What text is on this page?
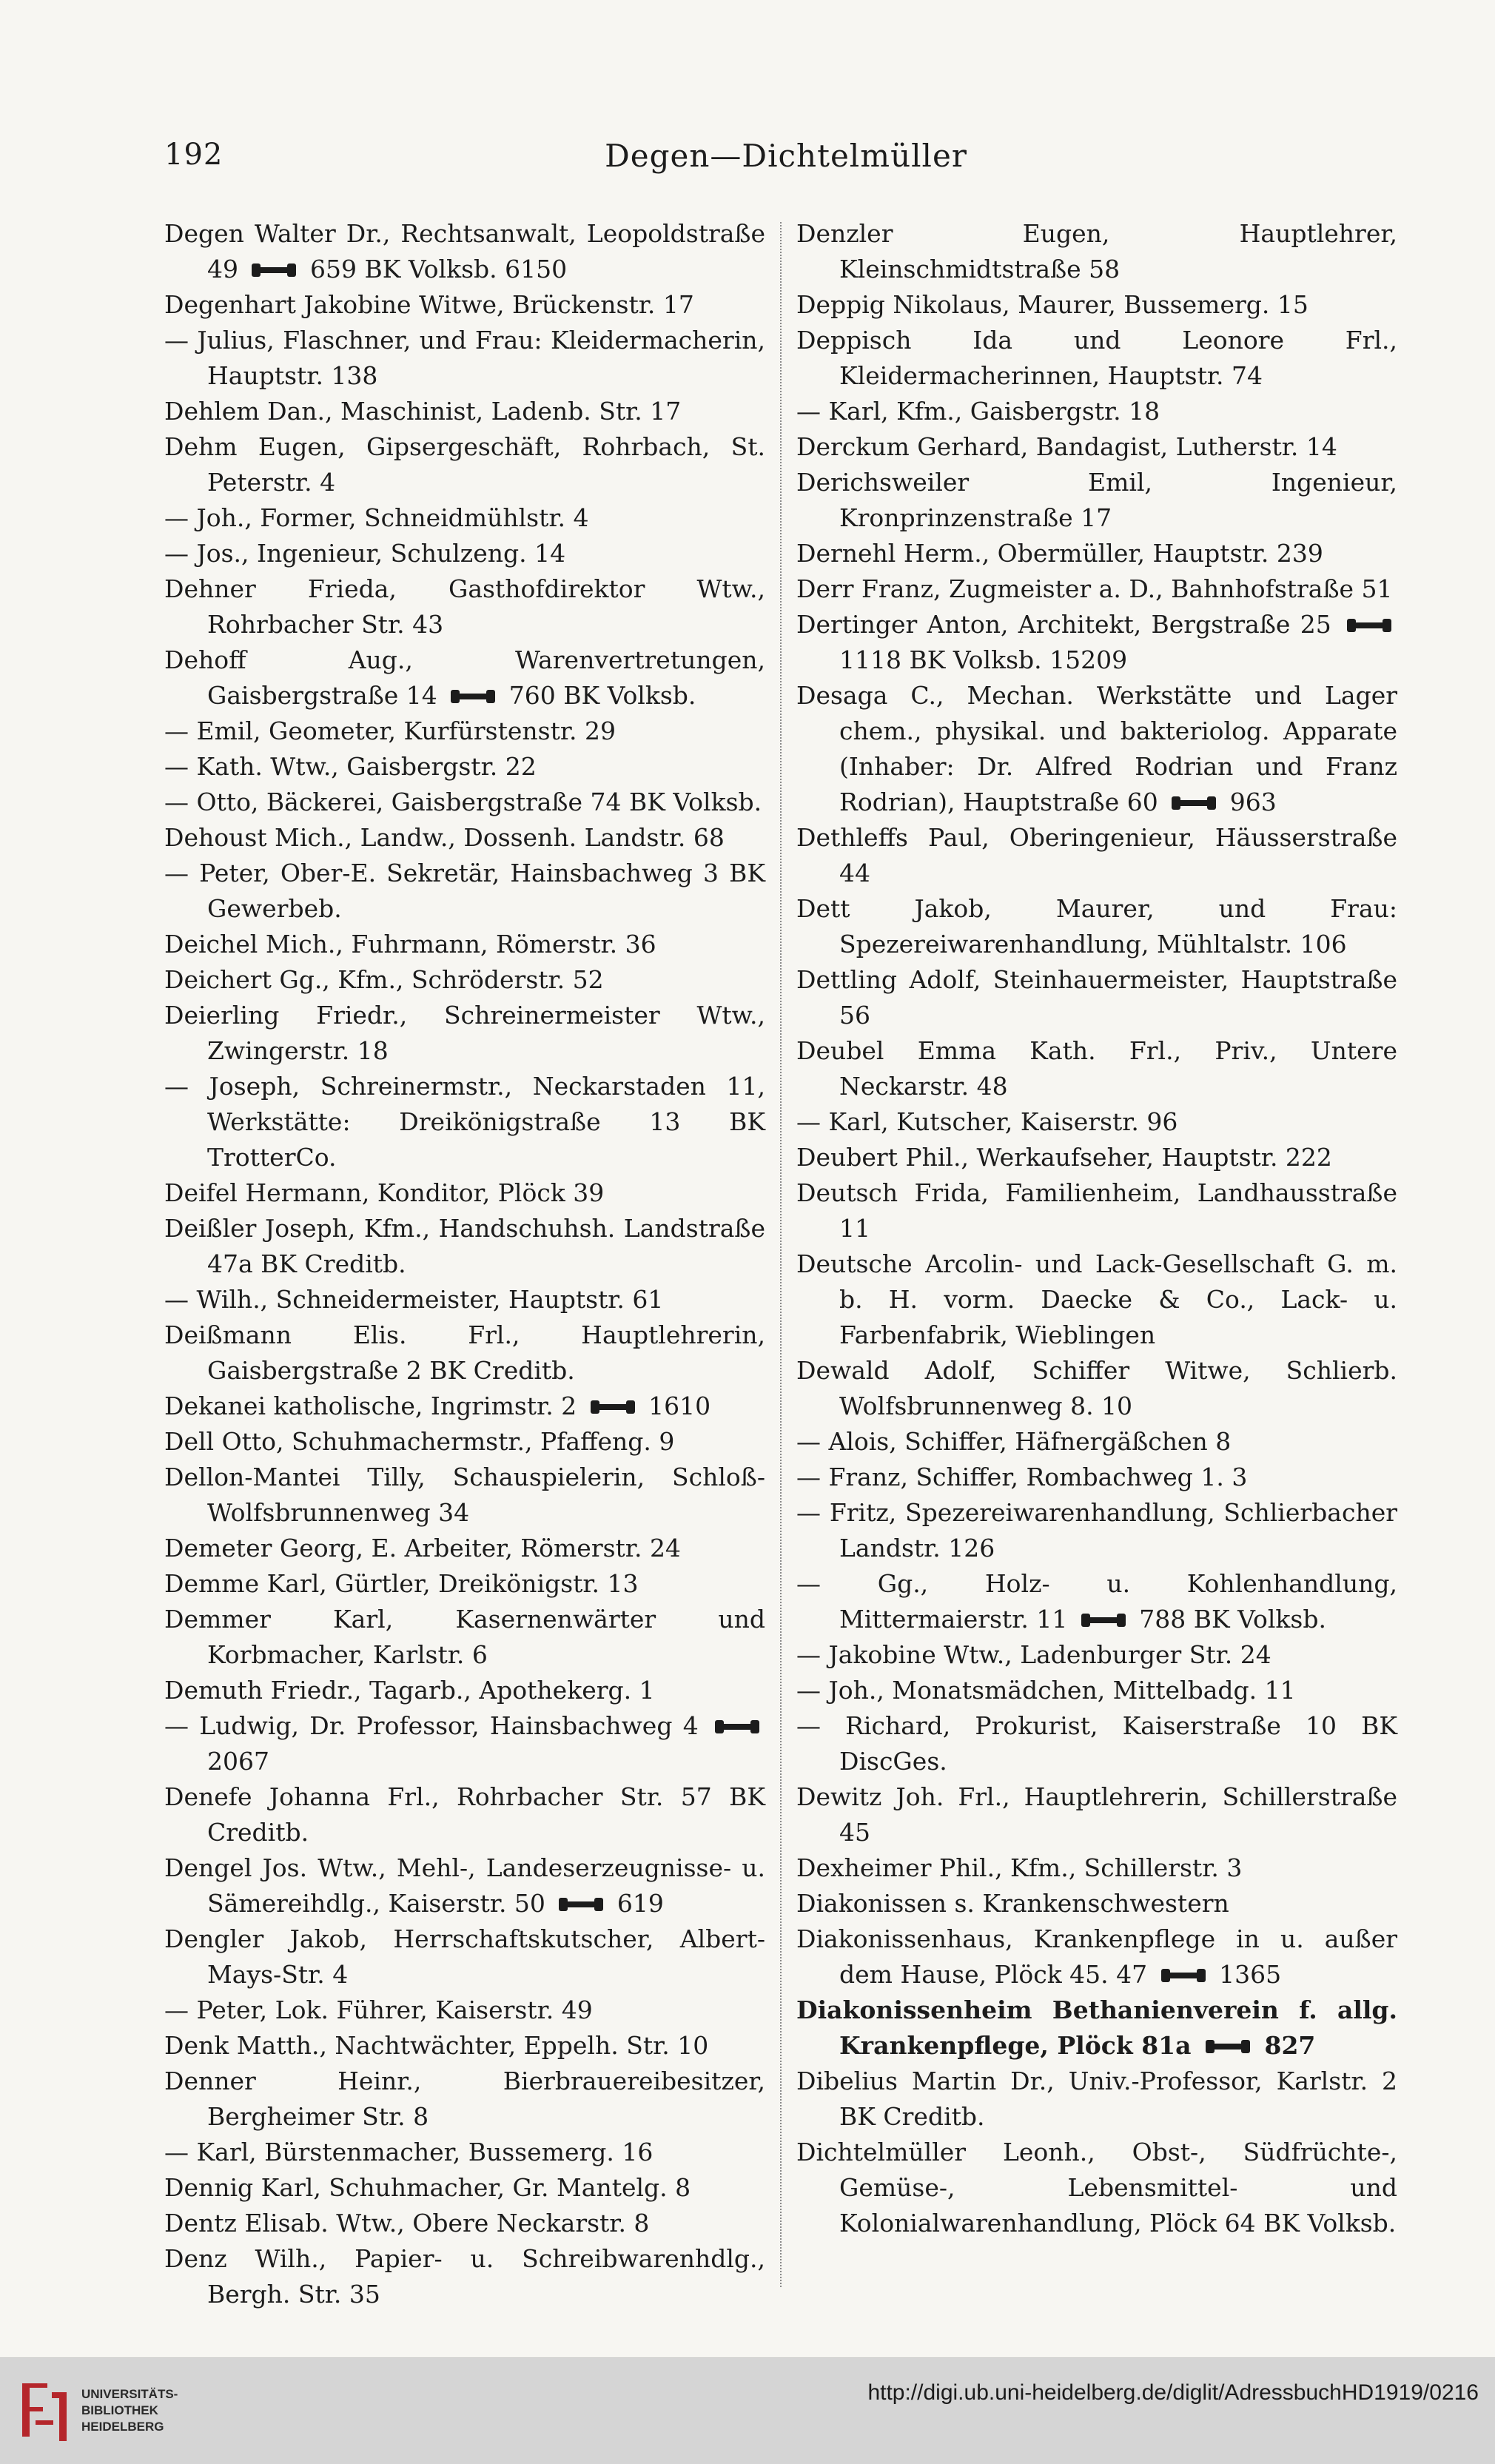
192	Degen—Dichtelmüller
Degen Walter Dr., Rechtsanwalt, Leopoldstraße 49  659 BK Volksb. 6150
Degenhart Jakobine Witwe, Brückenstr. 17
— Julius, Flaschner, und Frau: Kleidermacherin, Hauptstr. 138
Dehlem Dan., Maschinist, Ladenb. Str. 17
Dehm Eugen, Gipsergeschäft, Rohrbach, St. Peterstr. 4
— Joh., Former, Schneidmühlstr. 4
— Jos., Ingenieur, Schulzeng. 14
Dehner Frieda, Gasthofdirektor Wtw., Rohrbacher Str. 43
Dehoff Aug., Warenvertretungen, Gaisbergstraße 14  760 BK Volksb.
— Emil, Geometer, Kurfürstenstr. 29
— Kath. Wtw., Gaisbergstr. 22
— Otto, Bäckerei, Gaisbergstraße 74 BK Volksb.
Dehoust Mich., Landw., Dossenh. Landstr. 68
— Peter, Ober-E. Sekretär, Hainsbachweg 3 BK Gewerbeb.
Deichel Mich., Fuhrmann, Römerstr. 36
Deichert Gg., Kfm., Schröderstr. 52
Deierling Friedr., Schreinermeister Wtw., Zwingerstr. 18
— Joseph, Schreinermstr., Neckarstaden 11, Werkstätte: Dreikönigstraße 13 BK TrotterCo.
Deifel Hermann, Konditor, Plöck 39
Deißler Joseph, Kfm., Handschuhsh. Landstraße 47a BK Creditb.
— Wilh., Schneidermeister, Hauptstr. 61
Deißmann Elis. Frl., Hauptlehrerin, Gaisbergstraße 2 BK Creditb.
Dekanei katholische, Ingrimstr. 2  1610
Dell Otto, Schuhmachermstr., Pfaffeng. 9
Dellon-Mantei Tilly, Schauspielerin, Schloß-Wolfsbrunnenweg 34
Demeter Georg, E. Arbeiter, Römerstr. 24
Demme Karl, Gürtler, Dreikönigstr. 13
Demmer Karl, Kasernenwärter und Korbmacher, Karlstr. 6
Demuth Friedr., Tagarb., Apothekerg. 1
— Ludwig, Dr. Professor, Hainsbachweg 4  2067
Denefe Johanna Frl., Rohrbacher Str. 57 BK Creditb.
Dengel Jos. Wtw., Mehl-, Landeserzeugnisse- u. Sämereihdlg., Kaiserstr. 50  619
Dengler Jakob, Herrschaftskutscher, Albert-Mays-Str. 4
— Peter, Lok. Führer, Kaiserstr. 49
Denk Matth., Nachtwächter, Eppelh. Str. 10
Denner Heinr., Bierbrauereibesitzer, Bergheimer Str. 8
— Karl, Bürstenmacher, Bussemerg. 16
Dennig Karl, Schuhmacher, Gr. Mantelg. 8
Dentz Elisab. Wtw., Obere Neckarstr. 8
Denz Wilh., Papier- u. Schreibwarenhdlg., Bergh. Str. 35
Denzler Eugen, Hauptlehrer, Kleinschmidtstraße 58
Deppig Nikolaus, Maurer, Bussemerg. 15
Deppisch Ida und Leonore Frl., Kleidermacherinnen, Hauptstr. 74
— Karl, Kfm., Gaisbergstr. 18
Derckum Gerhard, Bandagist, Lutherstr. 14
Derichsweiler Emil, Ingenieur, Kronprinzenstraße 17
Dernehl Herm., Obermüller, Hauptstr. 239
Derr Franz, Zugmeister a. D., Bahnhofstraße 51
Dertinger Anton, Architekt, Bergstraße 25  1118 BK Volksb. 15209
Desaga C., Mechan. Werkstätte und Lager chem., physikal. und bakteriolog. Apparate (Inhaber: Dr. Alfred Rodrian und Franz Rodrian), Hauptstraße 60  963
Dethleffs Paul, Oberingenieur, Häusserstraße 44
Dett Jakob, Maurer, und Frau: Spezereiwarenhandlung, Mühltalstr. 106
Dettling Adolf, Steinhauermeister, Hauptstraße 56
Deubel Emma Kath. Frl., Priv., Untere Neckarstr. 48
— Karl, Kutscher, Kaiserstr. 96
Deubert Phil., Werkaufseher, Hauptstr. 222
Deutsch Frida, Familienheim, Landhausstraße 11
Deutsche Arcolin- und Lack-Gesellschaft G. m. b. H. vorm. Daecke & Co., Lack- u. Farbenfabrik, Wieblingen
Dewald Adolf, Schiffer Witwe, Schlierb. Wolfsbrunnenweg 8. 10
— Alois, Schiffer, Häfnergäßchen 8
— Franz, Schiffer, Rombachweg 1. 3
— Fritz, Spezereiwarenhandlung, Schlierbacher Landstr. 126
— Gg., Holz- u. Kohlenhandlung, Mittermaierstr. 11  788 BK Volksb.
— Jakobine Wtw., Ladenburger Str. 24
— Joh., Monatsmädchen, Mittelbadg. 11
— Richard, Prokurist, Kaiserstraße 10 BK DiscGes.
Dewitz Joh. Frl., Hauptlehrerin, Schillerstraße 45
Dexheimer Phil., Kfm., Schillerstr. 3
Diakonissen s. Krankenschwestern
Diakonissenhaus, Krankenpflege in u. außer dem Hause, Plöck 45. 47  1365
Diakonissenheim Bethanienverein f. allg. Krankenpflege, Plöck 81a  827
Dibelius Martin Dr., Univ.-Professor, Karlstr. 2 BK Creditb.
Dichtelmüller Leonh., Obst-, Südfrüchte-, Gemüse-, Lebensmittel- und Kolonialwarenhandlung, Plöck 64 BK Volksb.
UNIVERSITÄTS-
BIBLIOTHEK
HEIDELBERG
http://digi.ub.uni-heidelberg.de/diglit/AdressbuchHD1919/0216
